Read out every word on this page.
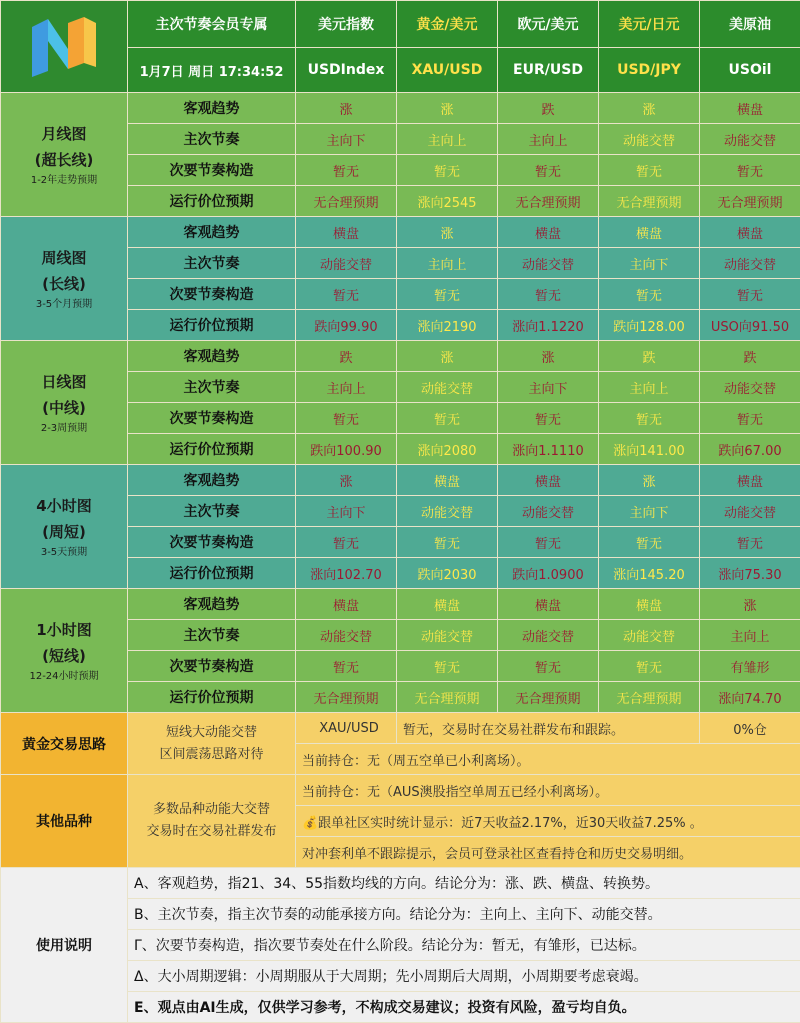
	主次节奏会员专属	美元指数	黄金/美元	欧元/美元	美元/日元	美原油
	1月7日 周日 17:34:52	USDIndex	XAU/USD	EUR/USD	USD/JPY	USOil

月线图
(超长线)
1-2年走势预期	客观趋势	涨	涨	跌	涨	横盘
	主次节奏	主向下	主向上	主向上	动能交替	动能交替
	次要节奏构造	暂无	暂无	暂无	暂无	暂无
	运行价位预期	无合理预期	涨向2545	无合理预期	无合理预期	无合理预期

周线图
(长线)
3-5个月预期	客观趋势	横盘	涨	横盘	横盘	横盘
	主次节奏	动能交替	主向上	动能交替	主向下	动能交替
	次要节奏构造	暂无	暂无	暂无	暂无	暂无
	运行价位预期	跌向99.90	涨向2190	涨向1.1220	跌向128.00	USO向91.50

日线图
(中线)
2-3周预期	客观趋势	跌	涨	涨	跌	跌
	主次节奏	主向上	动能交替	主向下	主向上	动能交替
	次要节奏构造	暂无	暂无	暂无	暂无	暂无
	运行价位预期	跌向100.90	涨向2080	涨向1.1110	涨向141.00	跌向67.00

4小时图
(周短)
3-5天预期	客观趋势	涨	横盘	横盘	涨	横盘
	主次节奏	主向下	动能交替	动能交替	主向下	动能交替
	次要节奏构造	暂无	暂无	暂无	暂无	暂无
	运行价位预期	涨向102.70	跌向2030	跌向1.0900	涨向145.20	涨向75.30

1小时图
(短线)
12-24小时预期	客观趋势	横盘	横盘	横盘	横盘	涨
	主次节奏	动能交替	动能交替	动能交替	动能交替	主向上
	次要节奏构造	暂无	暂无	暂无	暂无	有雏形
	运行价位预期	无合理预期	无合理预期	无合理预期	无合理预期	涨向74.70
黄金交易思路	短线大动能交替
区间震荡思路对待	XAU/USD	暂无，交易时在交易社群发布和跟踪。			0%仓
		当前持仓：无（周五空单已小利离场）。				
其他品种	多数品种动能大交替
交易时在交易社群发布	当前持仓：无（AUS澳股指空单周五已经小利离场）。				
		💰跟单社区实时统计显示：近7天收益2.17%，近30天收益7.25% 。				
		对冲套利单不跟踪提示，会员可登录社区查看持仓和历史交易明细。				
使用说明	A、客观趋势，指21、34、55指数均线的方向。结论分为：涨、跌、横盘、转换势。					
	B、主次节奏，指主次节奏的动能承接方向。结论分为：主向上、主向下、动能交替。					
	Γ、次要节奏构造，指次要节奏处在什么阶段。结论分为：暂无，有雏形，已达标。					
	Δ、大小周期逻辑：小周期服从于大周期；先小周期后大周期，小周期要考虑衰竭。					
	E、观点由AI生成，仅供学习参考，不构成交易建议；投资有风险，盈亏均自负。					
